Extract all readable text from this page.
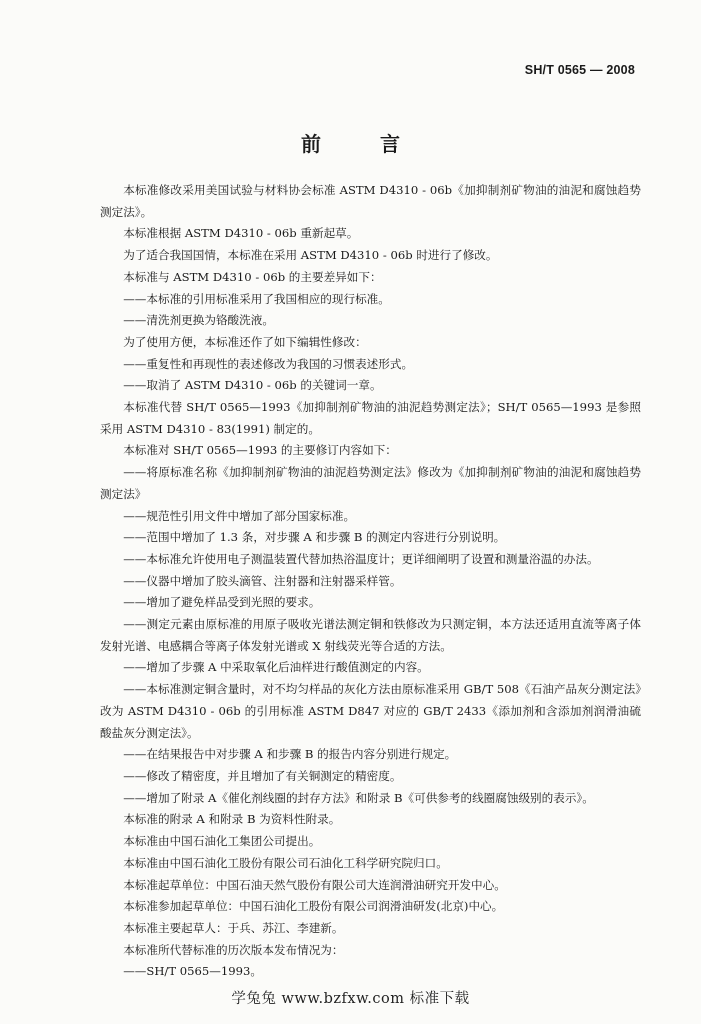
SH/T 0565 — 2008
前 言

本标准修改采用美国试验与材料协会标准 ASTM D4310 - 06b《加抑制剂矿物油的油泥和腐蚀趋势测定法》。

本标准根据 ASTM D4310 - 06b 重新起草。

为了适合我国国情，本标准在采用 ASTM D4310 - 06b 时进行了修改。

本标准与 ASTM D4310 - 06b 的主要差异如下：

——本标准的引用标准采用了我国相应的现行标准。

——清洗剂更换为铬酸洗液。

为了使用方便，本标准还作了如下编辑性修改：

——重复性和再现性的表述修改为我国的习惯表述形式。

——取消了 ASTM D4310 - 06b 的关键词一章。

本标准代替 SH/T 0565—1993《加抑制剂矿物油的油泥趋势测定法》；SH/T 0565—1993 是参照采用 ASTM D4310 - 83(1991) 制定的。

本标准对 SH/T 0565—1993 的主要修订内容如下：

——将原标准名称《加抑制剂矿物油的油泥趋势测定法》修改为《加抑制剂矿物油的油泥和腐蚀趋势测定法》

——规范性引用文件中增加了部分国家标准。

——范围中增加了 1.3 条，对步骤 A 和步骤 B 的测定内容进行分别说明。

——本标准允许使用电子测温装置代替加热浴温度计；更详细阐明了设置和测量浴温的办法。

——仪器中增加了胶头滴管、注射器和注射器采样管。

——增加了避免样品受到光照的要求。

——测定元素由原标准的用原子吸收光谱法测定铜和铁修改为只测定铜，本方法还适用直流等离子体发射光谱、电感耦合等离子体发射光谱或 X 射线荧光等合适的方法。

——增加了步骤 A 中采取氧化后油样进行酸值测定的内容。

——本标准测定铜含量时，对不均匀样品的灰化方法由原标准采用 GB/T 508《石油产品灰分测定法》改为 ASTM D4310 - 06b 的引用标准 ASTM D847 对应的 GB/T 2433《添加剂和含添加剂润滑油硫酸盐灰分测定法》。

——在结果报告中对步骤 A 和步骤 B 的报告内容分别进行规定。

——修改了精密度，并且增加了有关铜测定的精密度。

——增加了附录 A《催化剂线圈的封存方法》和附录 B《可供参考的线圈腐蚀级别的表示》。

本标准的附录 A 和附录 B 为资料性附录。

本标准由中国石油化工集团公司提出。

本标准由中国石油化工股份有限公司石油化工科学研究院归口。

本标准起草单位：中国石油天然气股份有限公司大连润滑油研究开发中心。

本标准参加起草单位：中国石油化工股份有限公司润滑油研发(北京)中心。

本标准主要起草人：于兵、苏江、李建新。

本标准所代替标准的历次版本发布情况为：

——SH/T 0565—1993。

学兔兔 www.bzfxw.com 标准下载
